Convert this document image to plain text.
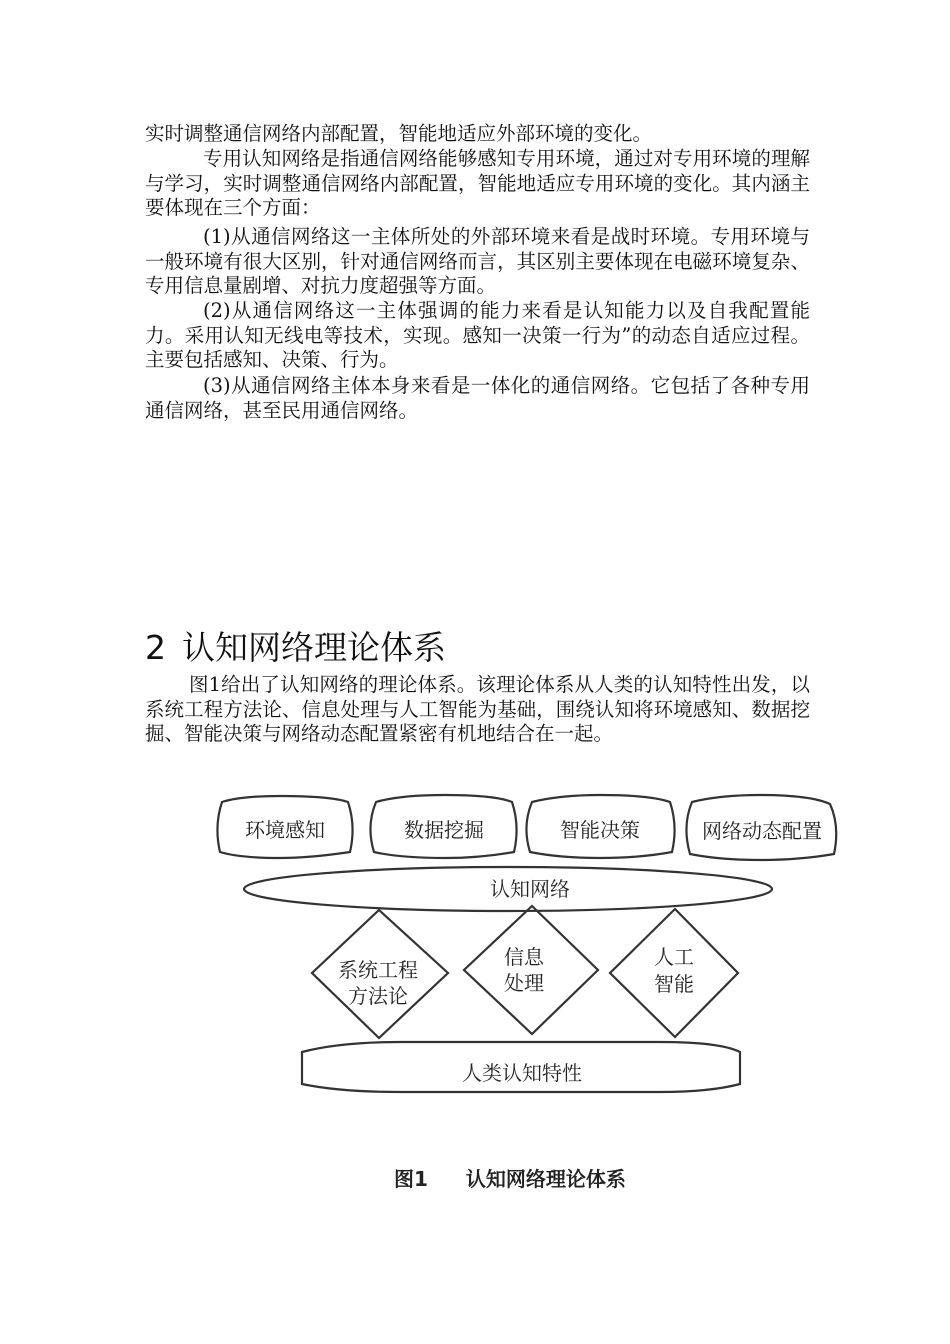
实时调整通信网络内部配置，智能地适应外部环境的变化。

专用认知网络是指通信网络能够感知专用环境，通过对专用环境的理解与学习，实时调整通信网络内部配置，智能地适应专用环境的变化。其内涵主要体现在三个方面：

(1)从通信网络这一主体所处的外部环境来看是战时环境。专用环境与一般环境有很大区别，针对通信网络而言，其区别主要体现在电磁环境复杂、专用信息量剧增、对抗力度超强等方面。

(2)从通信网络这一主体强调的能力来看是认知能力以及自我配置能力。采用认知无线电等技术，实现。感知一决策一行为”的动态自适应过程。主要包括感知、决策、行为。

(3)从通信网络主体本身来看是一体化的通信网络。它包括了各种专用通信网络，甚至民用通信网络。

2 认知网络理论体系

图1给出了认知网络的理论体系。该理论体系从人类的认知特性出发，以系统工程方法论、信息处理与人工智能为基础，围绕认知将环境感知、数据挖掘、智能决策与网络动态配置紧密有机地结合在一起。

环境感知	数据挖掘	智能决策	网络动态配置
认知网络
系统工程
方法论
信息
处理
人工
智能
人类认知特性

图1 认知网络理论体系
